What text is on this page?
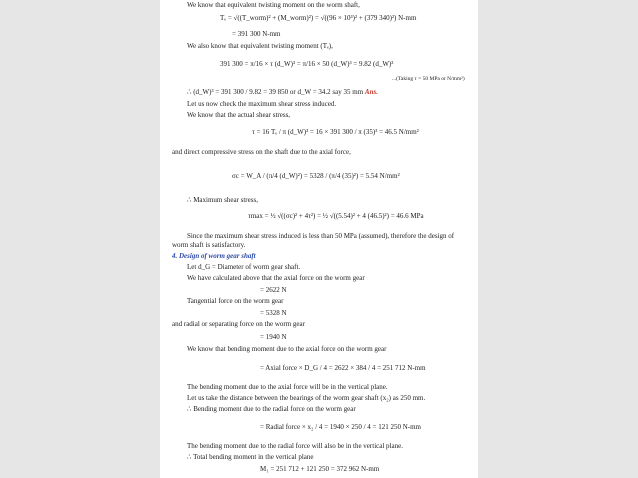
We know that equivalent twisting moment on the worm shaft,
Tₑ = √((T_worm)² + (M_worm)²) = √((96 × 10³)² + (379 340)²) N-mm
= 391 300 N-mm
We also know that equivalent twisting moment (Tₑ),
391 300 = π/16 × τ (d_W)³ = π/16 × 50 (d_W)³ = 9.82 (d_W)³
...(Taking τ = 50 MPa or N/mm²)
∴ (d_W)³ = 391 300 / 9.82 = 39 850 or d_W = 34.2 say 35 mm Ans.
Let us now check the maximum shear stress induced.
We know that the actual shear stress,
τ = 16 Tₑ / π (d_W)³ = 16 × 391 300 / π (35)³ = 46.5 N/mm²
and direct compressive stress on the shaft due to the axial force,
σc = W_A / (π/4 (d_W)²) = 5328 / (π/4 (35)²) = 5.54 N/mm²
∴ Maximum shear stress,
τmax = ½ √((σc)² + 4τ²) = ½ √((5.54)² + 4 (46.5)²) = 46.6 MPa
Since the maximum shear stress induced is less than 50 MPa (assumed), therefore the design of
worm shaft is satisfactory.
4. Design of worm gear shaft
Let d_G = Diameter of worm gear shaft.
We have calculated above that the axial force on the worm gear
= 2622 N
Tangential force on the worm gear
= 5328 N
and radial or separating force on the worm gear
= 1940 N
We know that bending moment due to the axial force on the worm gear
= Axial force × D_G / 4 = 2622 × 384 / 4 = 251 712 N-mm
The bending moment due to the axial force will be in the vertical plane.
Let us take the distance between the bearings of the worm gear shaft (x₂) as 250 mm.
∴ Bending moment due to the radial force on the worm gear
= Radial force × x₂ / 4 = 1940 × 250 / 4 = 121 250 N-mm
The bending moment due to the radial force will also be in the vertical plane.
∴ Total bending moment in the vertical plane
M₁ = 251 712 + 121 250 = 372 962 N-mm
